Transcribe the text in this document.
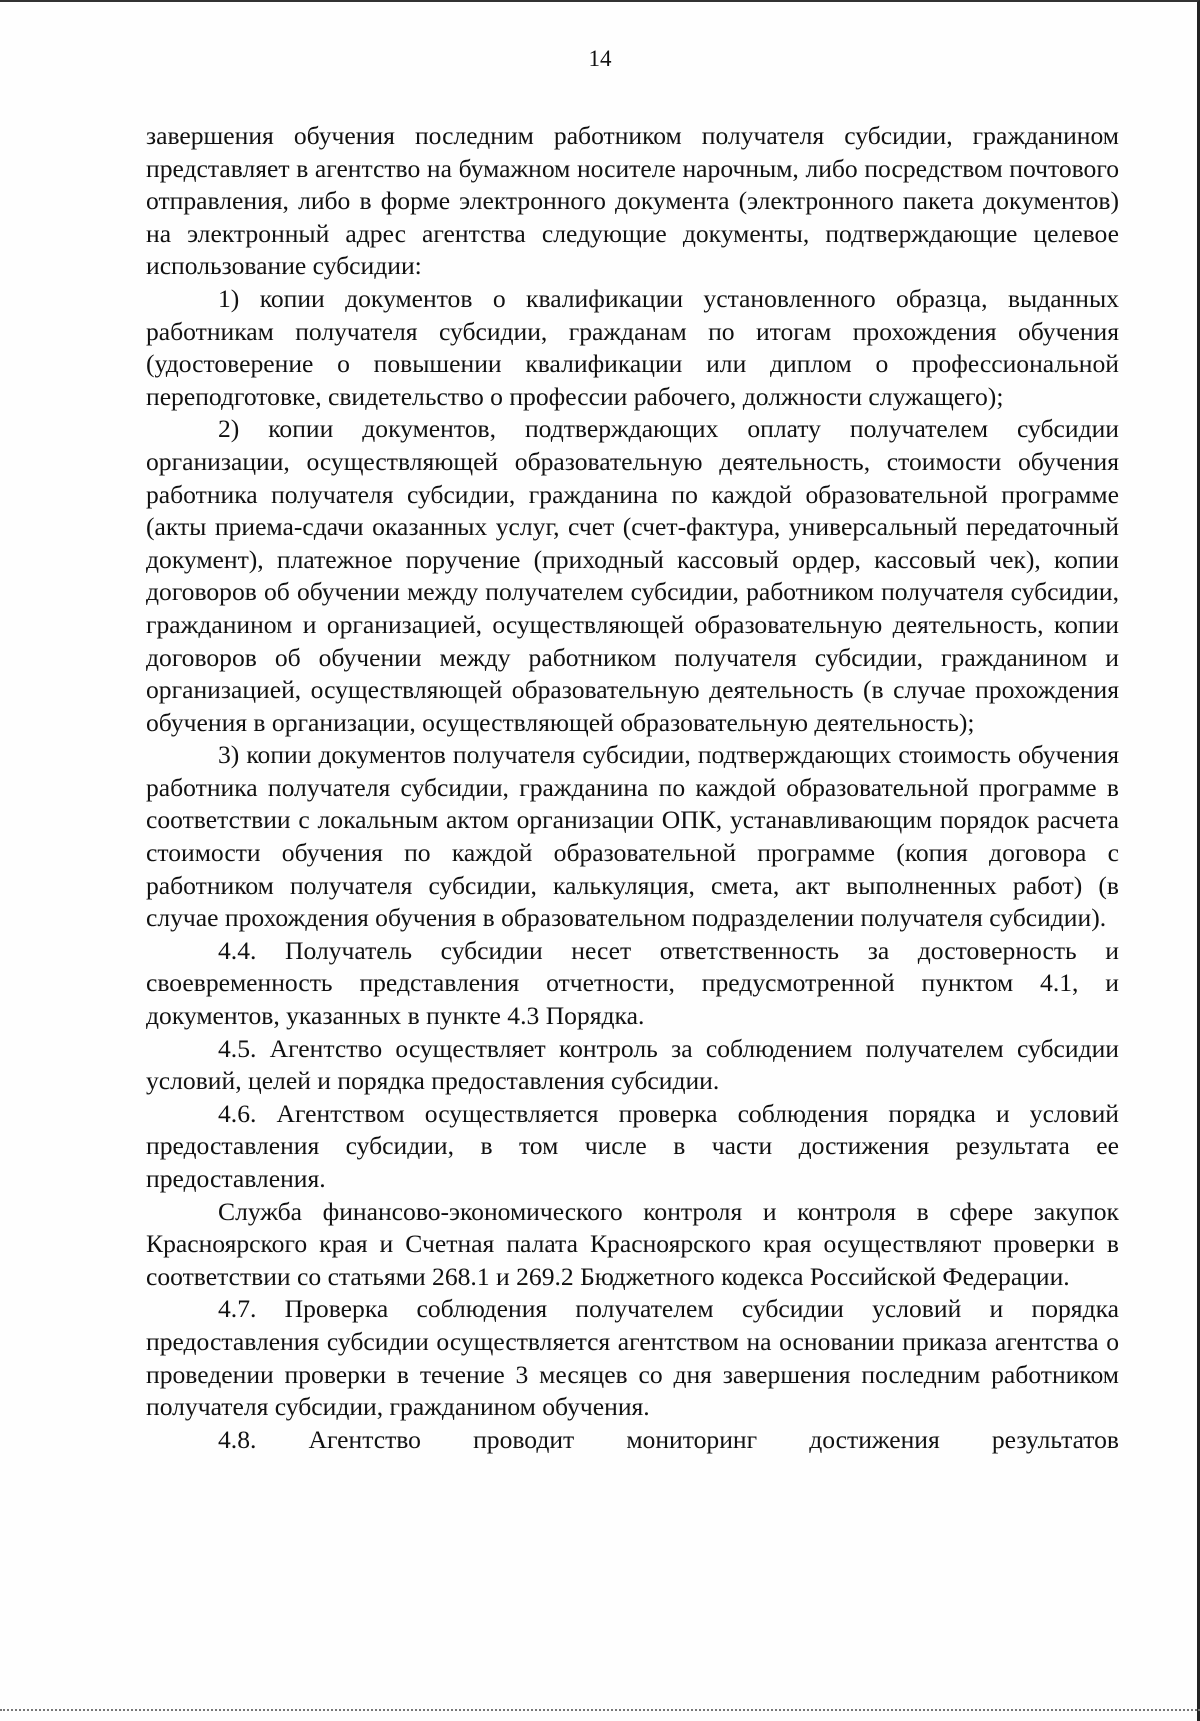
14

завершения обучения последним работником получателя субсидии, гражданином представляет в агентство на бумажном носителе нарочным, либо посредством почтового отправления, либо в форме электронного документа (электронного пакета документов) на электронный адрес агентства следующие документы, подтверждающие целевое использование субсидии:

1) копии документов о квалификации установленного образца, выданных работникам получателя субсидии, гражданам по итогам прохождения обучения (удостоверение о повышении квалификации или диплом о профессиональной переподготовке, свидетельство о профессии рабочего, должности служащего);

2) копии документов, подтверждающих оплату получателем субсидии организации, осуществляющей образовательную деятельность, стоимости обучения работника получателя субсидии, гражданина по каждой образовательной программе (акты приема-сдачи оказанных услуг, счет (счет-фактура, универсальный передаточный документ), платежное поручение (приходный кассовый ордер, кассовый чек), копии договоров об обучении между получателем субсидии, работником получателя субсидии, гражданином и организацией, осуществляющей образовательную деятельность, копии договоров об обучении между работником получателя субсидии, гражданином и организацией, осуществляющей образовательную деятельность (в случае прохождения обучения в организации, осуществляющей образовательную деятельность);

3) копии документов получателя субсидии, подтверждающих стоимость обучения работника получателя субсидии, гражданина по каждой образовательной программе в соответствии с локальным актом организации ОПК, устанавливающим порядок расчета стоимости обучения по каждой образовательной программе (копия договора с работником получателя субсидии, калькуляция, смета, акт выполненных работ) (в случае прохождения обучения в образовательном подразделении получателя субсидии).

4.4. Получатель субсидии несет ответственность за достоверность и своевременность представления отчетности, предусмотренной пунктом 4.1, и документов, указанных в пункте 4.3 Порядка.

4.5. Агентство осуществляет контроль за соблюдением получателем субсидии условий, целей и порядка предоставления субсидии.

4.6. Агентством осуществляется проверка соблюдения порядка и условий предоставления субсидии, в том числе в части достижения результата ее предоставления.

Служба финансово-экономического контроля и контроля в сфере закупок Красноярского края и Счетная палата Красноярского края осуществляют проверки в соответствии со статьями 268.1 и 269.2 Бюджетного кодекса Российской Федерации.

4.7. Проверка соблюдения получателем субсидии условий и порядка предоставления субсидии осуществляется агентством на основании приказа агентства о проведении проверки в течение 3 месяцев со дня завершения последним работником получателя субсидии, гражданином обучения.

4.8. Агентство проводит мониторинг достижения результатов
